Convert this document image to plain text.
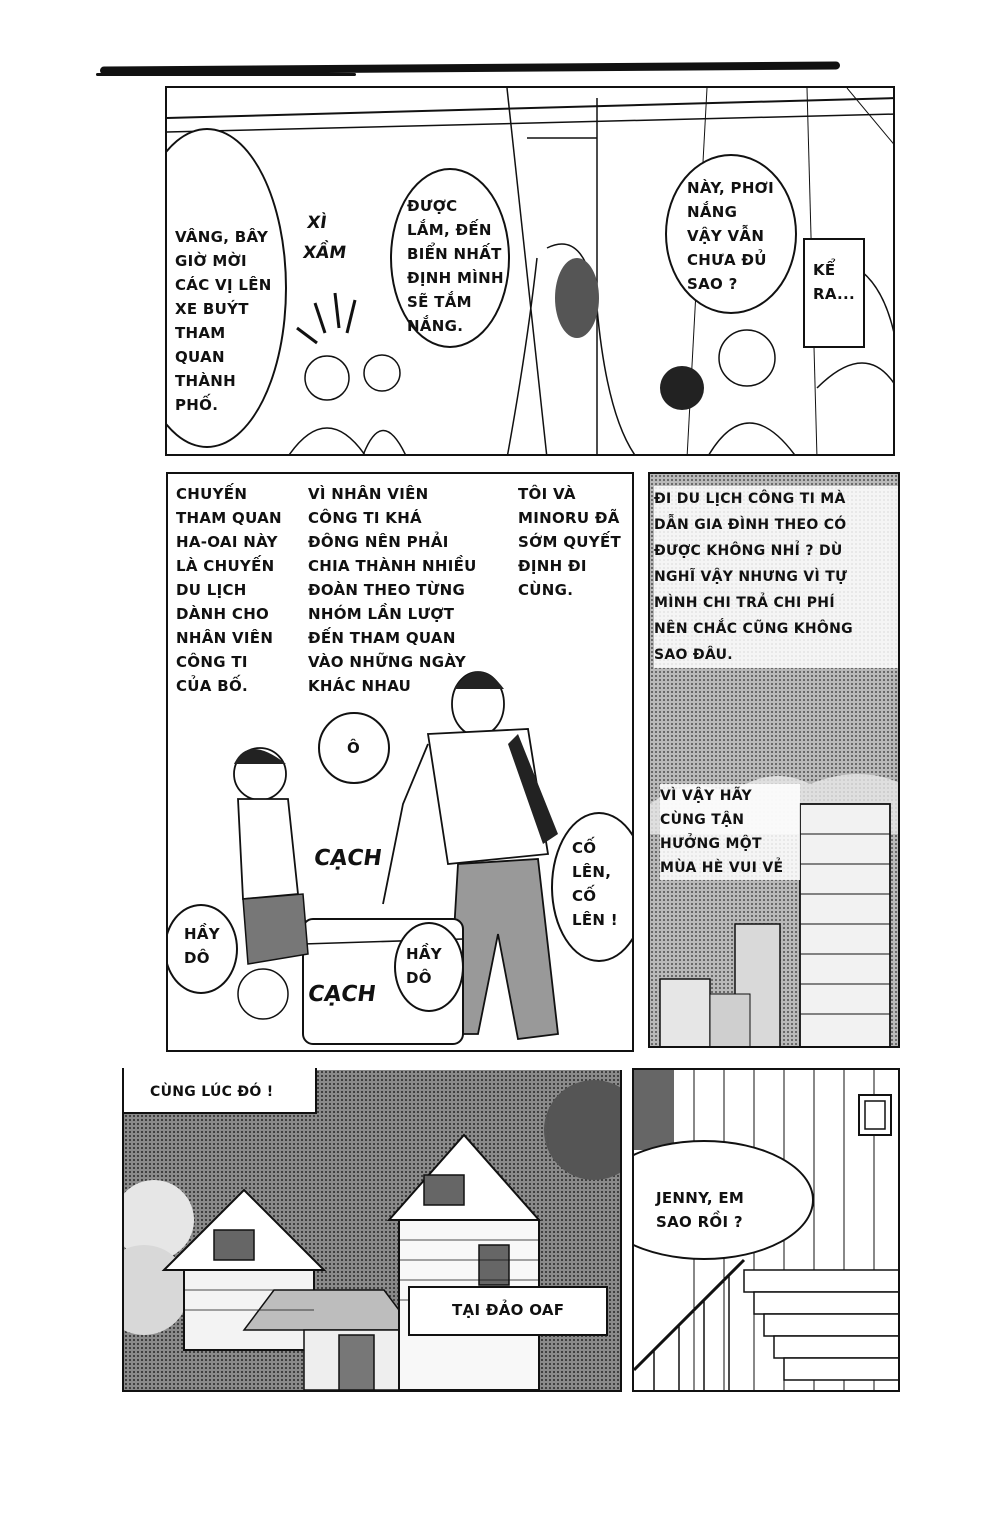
VÂNG, BÂY
GIỜ MỜI
CÁC VỊ LÊN
XE BUÝT
THAM
QUAN
THÀNH
PHỐ.
XÌ
XẦM
ĐƯỢC
LẮM, ĐẾN
BIỂN NHẤT
ĐỊNH MÌNH
SẼ TẮM
NẮNG.
NÀY, PHƠI
NẮNG
VẬY VẪN
CHƯA ĐỦ
SAO ?
KỂ
RA...
CHUYẾN
THAM QUAN
HA-OAI NÀY
LÀ CHUYẾN
DU LỊCH
DÀNH CHO
NHÂN VIÊN
CÔNG TI
CỦA BỐ.
VÌ NHÂN VIÊN
CÔNG TI KHÁ
ĐÔNG NÊN PHẢI
CHIA THÀNH NHIỀU
ĐOÀN THEO TỪNG
NHÓM LẦN LƯỢT
ĐẾN THAM QUAN
VÀO NHỮNG NGÀY
KHÁC NHAU
TÔI VÀ
MINORU ĐÃ
SỚM QUYẾT
ĐỊNH ĐI
CÙNG.
Ô
CẠCH
CẠCH
HẦY
DÔ	HẦY
DÔ
CỐ
LÊN,
CỐ
LÊN !
ĐI DU LỊCH CÔNG TI MÀ
DẪN GIA ĐÌNH THEO CÓ
ĐƯỢC KHÔNG NHỈ ? DÙ
NGHĨ VẬY NHƯNG VÌ TỰ
MÌNH CHI TRẢ CHI PHÍ
NÊN CHẮC CŨNG KHÔNG
SAO ĐÂU.
VÌ VẬY HÃY
CÙNG TẬN
HƯỞNG MỘT
MÙA HÈ VUI VẺ
CÙNG LÚC ĐÓ !
TẠI ĐẢO OAF
JENNY, EM
SAO RỒI ?
